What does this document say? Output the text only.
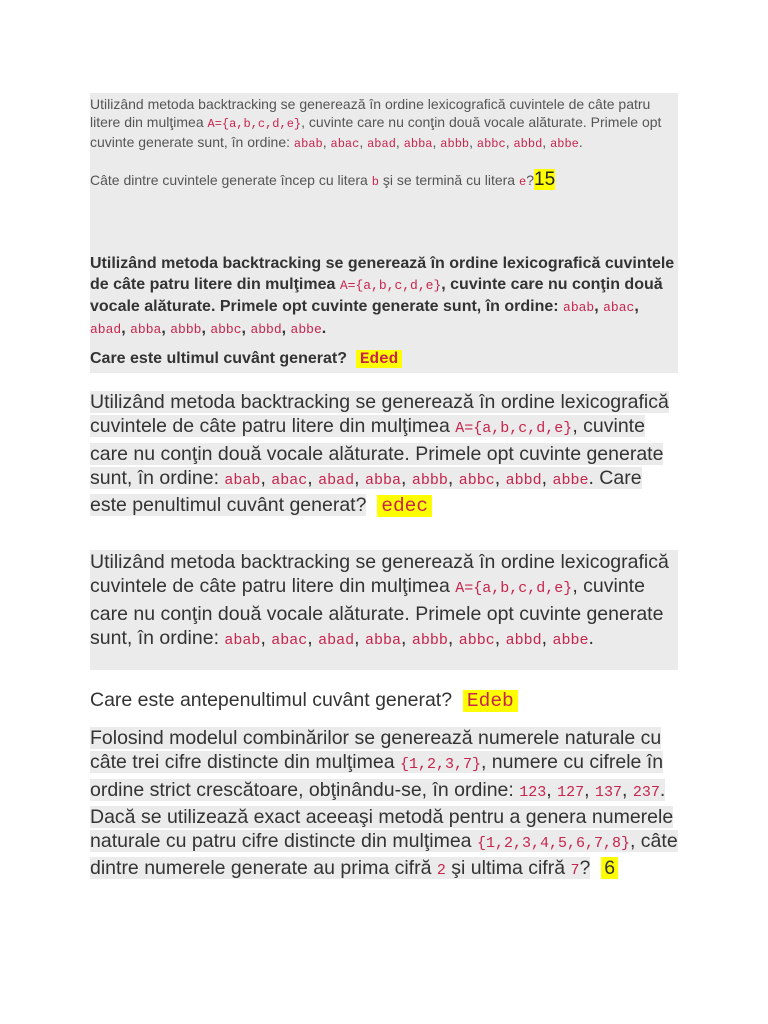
Utilizând metoda backtracking se generează în ordine lexicografică cuvintele de câte patru litere din mulţimea A={a,b,c,d,e}, cuvinte care nu conţin două vocale alăturate. Primele opt cuvinte generate sunt, în ordine: abab, abac, abad, abba, abbb, abbc, abbd, abbe.

Câte dintre cuvintele generate încep cu litera b şi se termină cu litera e?15

Utilizând metoda backtracking se generează în ordine lexicografică cuvintele de câte patru litere din mulţimea A={a,b,c,d,e}, cuvinte care nu conţin două vocale alăturate. Primele opt cuvinte generate sunt, în ordine: abab, abac, abad, abba, abbb, abbc, abbd, abbe.

Care este ultimul cuvânt generat? Eded

Utilizând metoda backtracking se generează în ordine lexicografică cuvintele de câte patru litere din mulţimea A={a,b,c,d,e}, cuvinte care nu conţin două vocale alăturate. Primele opt cuvinte generate sunt, în ordine: abab, abac, abad, abba, abbb, abbc, abbd, abbe. Care este penultimul cuvânt generat? edec

Utilizând metoda backtracking se generează în ordine lexicografică cuvintele de câte patru litere din mulţimea A={a,b,c,d,e}, cuvinte care nu conţin două vocale alăturate. Primele opt cuvinte generate sunt, în ordine: abab, abac, abad, abba, abbb, abbc, abbd, abbe.

Care este antepenultimul cuvânt generat? Edeb

Folosind modelul combinărilor se generează numerele naturale cu câte trei cifre distincte din mulţimea {1,2,3,7}, numere cu cifrele în ordine strict crescătoare, obţinându-se, în ordine: 123, 127, 137, 237. Dacă se utilizează exact aceeaşi metodă pentru a genera numerele naturale cu patru cifre distincte din mulţimea {1,2,3,4,5,6,7,8}, câte dintre numerele generate au prima cifră 2 şi ultima cifră 7? 6
